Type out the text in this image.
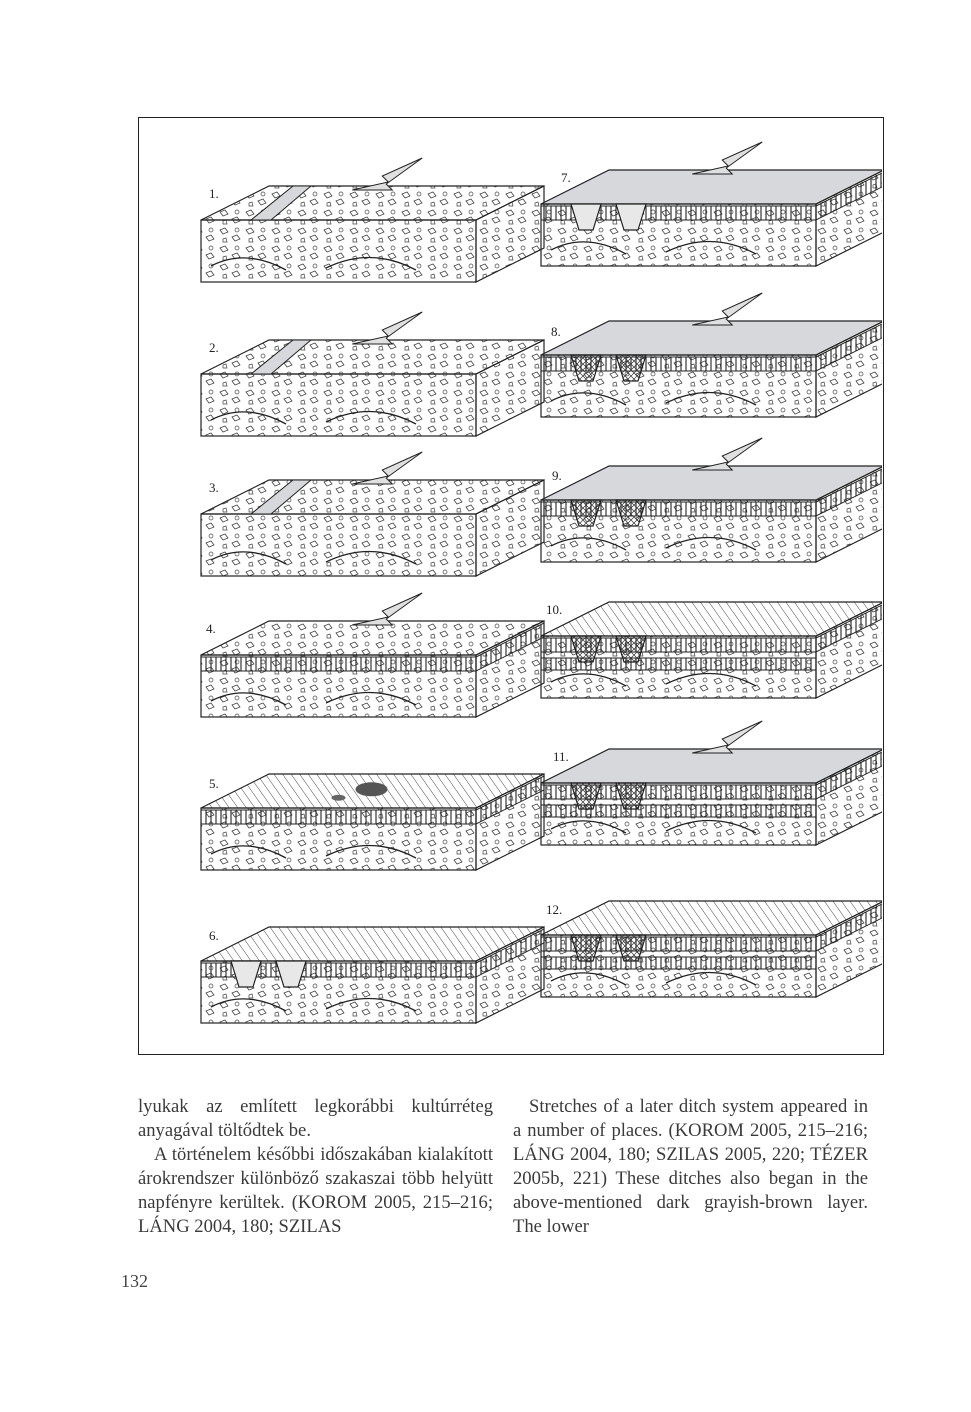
1.
2.
3.
4.
5.
6.
7.
8.
9.
10.
11.
12.

lyukak az említett legkorábbi kultúrréteg anyagával töltődtek be.

A történelem későbbi időszakában kialakított árokrendszer különböző szakaszai több helyütt napfényre kerültek. (KOROM 2005, 215–216; LÁNG 2004, 180; SZILAS

Stretches of a later ditch system appeared in a number of places. (KOROM 2005, 215–216; LÁNG 2004, 180; SZILAS 2005, 220; TÉZER 2005b, 221) These ditches also began in the above-mentioned dark grayish-brown layer. The lower

132
